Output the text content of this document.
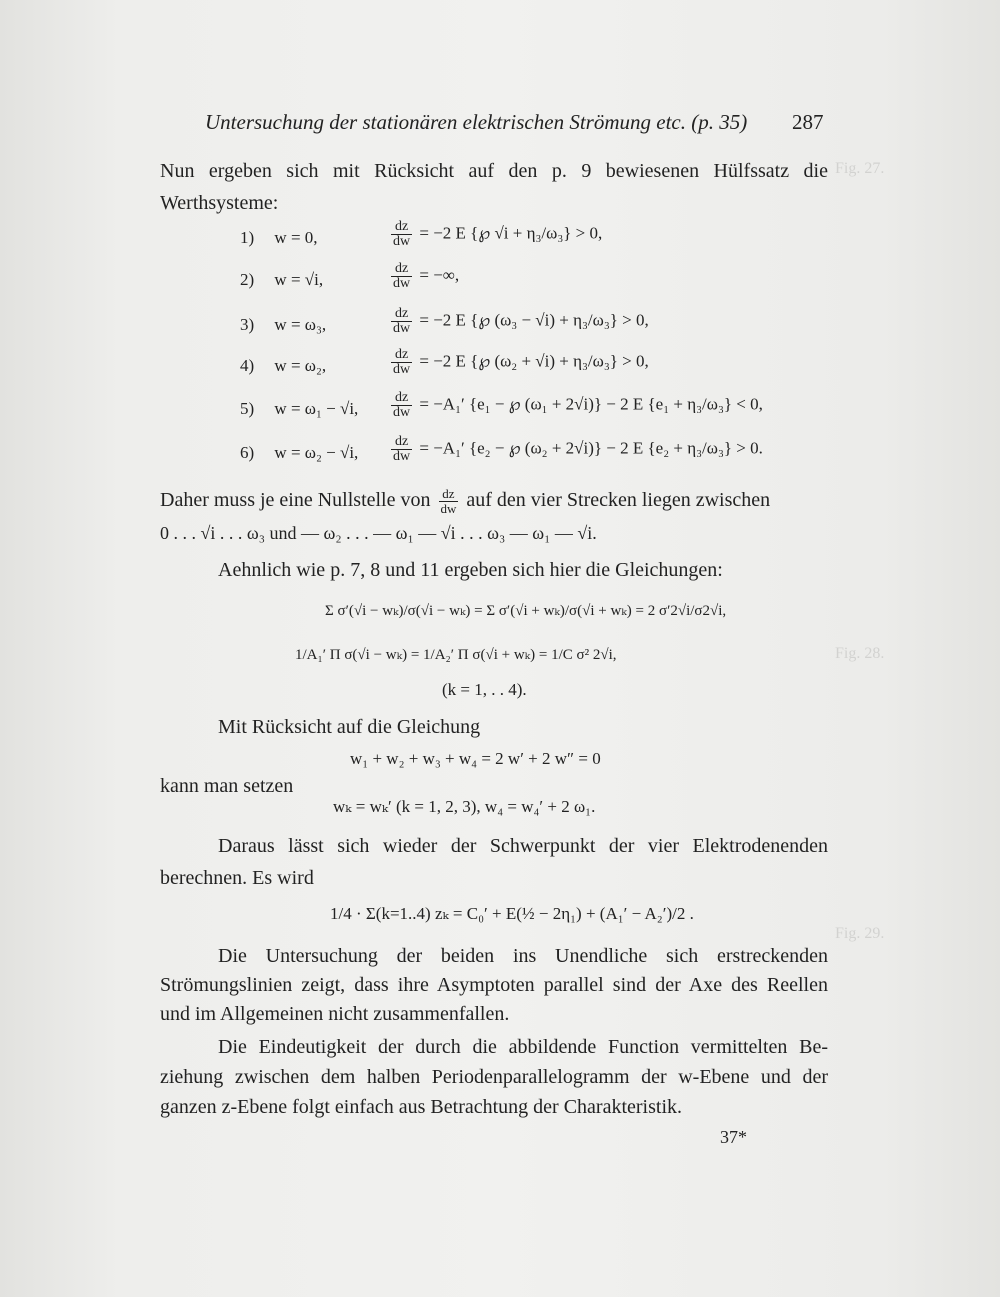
Fig. 27.
Fig. 28.
Fig. 29.
Untersuchung der stationären elektrischen Strömung etc. (p. 35) 287
Nun ergeben sich mit Rücksicht auf den p. 9 bewiesenen Hülfssatz die
Werthsysteme:
1) w = 0,	$\frac{dz}{dw} = -2$ E {℘ √i + η₃/ω₃} > 0,
2) w = √i,	$\frac{dz}{dw}$ = −∞,
3) w = ω₃,	$\frac{dz}{dw} = -2$ E {℘ (ω₃ − √i) + η₃/ω₃} > 0,
4) w = ω₂,	$\frac{dz}{dw} = -2$ E {℘ (ω₂ + √i) + η₃/ω₃} > 0,
5) w = ω₁ − √i, $\frac{dz}{dw} = -A_1'$ {e₁ − ℘ (ω₁ + 2√i)} − 2 E {e₁ + η₃/ω₃} < 0,
6) w = ω₂ − √i, $\frac{dz}{dw} = -A_1'$ {e₂ − ℘ (ω₂ + 2√i)} − 2 E {e₂ + η₃/ω₃} > 0.
Daher muss je eine Nullstelle von $\frac{dz}{dw}$ auf den vier Strecken liegen zwischen
0 . . . √i . . . ω₃ und — ω₂ . . . — ω₁ — √i . . . ω₃ — ω₁ — √i.
Aehnlich wie p. 7, 8 und 11 ergeben sich hier die Gleichungen:
Σ σ′(√i − wₖ)/σ(√i − wₖ) = Σ σ′(√i + wₖ)/σ(√i + wₖ) = 2 σ′2√i/σ2√i,
1/A₁′ Π σ(√i − wₖ) = 1/A₂′ Π σ(√i + wₖ) = 1/C σ² 2√i,
(k = 1, . . 4).
Mit Rücksicht auf die Gleichung
w₁ + w₂ + w₃ + w₄ = 2 w′ + 2 w″ = 0
kann man setzen
wₖ = wₖ′ (k = 1, 2, 3), w₄ = w₄′ + 2 ω₁.
Daraus lässt sich wieder der Schwerpunkt der vier Elektrodenenden
berechnen. Es wird
1/4 · Σ(k=1..4) zₖ = C₀′ + E(½ − 2η₁) + (A₁′ − A₂′)/2 .
Die Untersuchung der beiden ins Unendliche sich erstreckenden
Strömungslinien zeigt, dass ihre Asymptoten parallel sind der Axe des Reellen
und im Allgemeinen nicht zusammenfallen.
Die Eindeutigkeit der durch die abbildende Function vermittelten Be-
ziehung zwischen dem halben Periodenparallelogramm der w-Ebene und der
ganzen z-Ebene folgt einfach aus Betrachtung der Charakteristik.
37*
